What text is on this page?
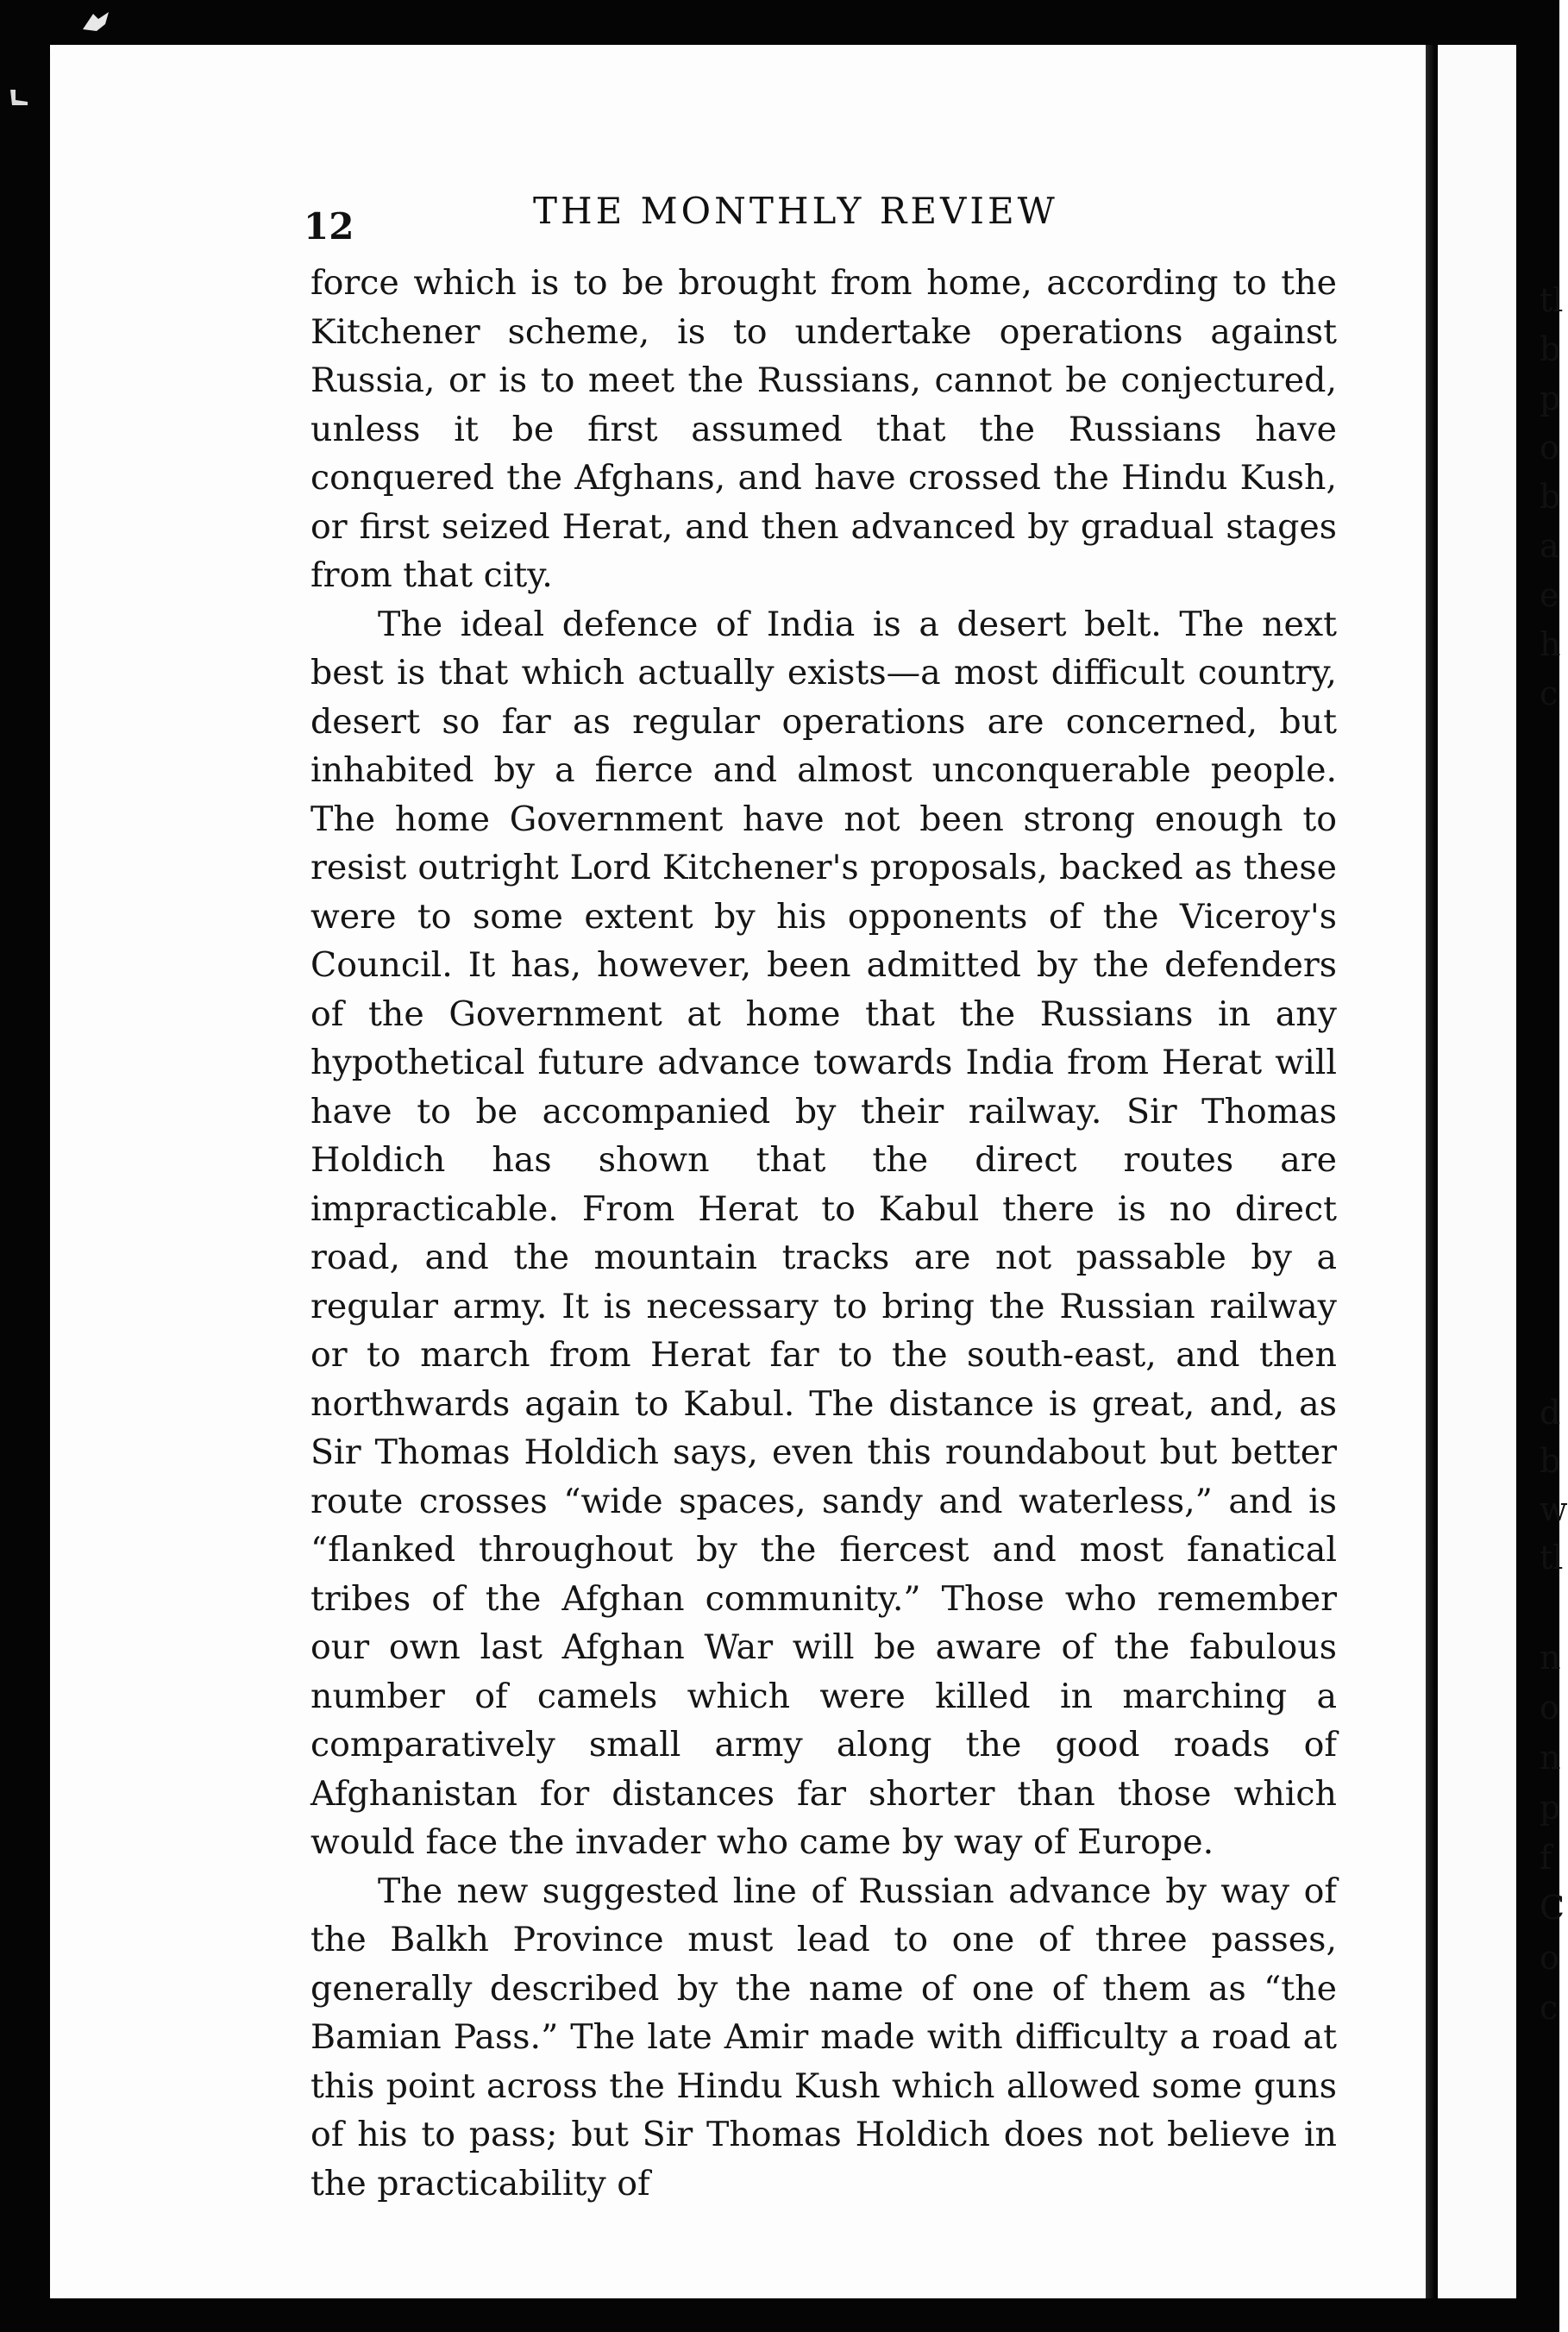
12	THE MONTHLY REVIEW

force which is to be brought from home, according to the Kitchener scheme, is to undertake operations against Russia, or is to meet the Russians, cannot be conjectured, unless it be first assumed that the Russians have conquered the Afghans, and have crossed the Hindu Kush, or first seized Herat, and then advanced by gradual stages from that city.

The ideal defence of India is a desert belt. The next best is that which actually exists—a most difficult country, desert so far as regular operations are concerned, but inhabited by a fierce and almost unconquerable people. The home Government have not been strong enough to resist outright Lord Kitchener's proposals, backed as these were to some extent by his opponents of the Viceroy's Council. It has, however, been admitted by the defenders of the Government at home that the Russians in any hypothetical future advance towards India from Herat will have to be accompanied by their railway. Sir Thomas Holdich has shown that the direct routes are impracticable. From Herat to Kabul there is no direct road, and the mountain tracks are not passable by a regular army. It is necessary to bring the Russian railway or to march from Herat far to the south-east, and then northwards again to Kabul. The distance is great, and, as Sir Thomas Holdich says, even this roundabout but better route crosses “wide spaces, sandy and waterless,” and is “flanked throughout by the fiercest and most fanatical tribes of the Afghan community.” Those who remember our own last Afghan War will be aware of the fabulous number of camels which were killed in marching a comparatively small army along the good roads of Afghanistan for distances far shorter than those which would face the invader who came by way of Europe.

The new suggested line of Russian advance by way of the Balkh Province must lead to one of three passes, generally described by the name of one of them as “the Bamian Pass.” The late Amir made with difficulty a road at this point across the Hindu Kush which allowed some guns of his to pass; but Sir Thomas Holdich does not believe in the practicability of

tl
b
p
o
b
a
e
h
c
d
b
w
tl
n
o
n
p
f
C
o
c
